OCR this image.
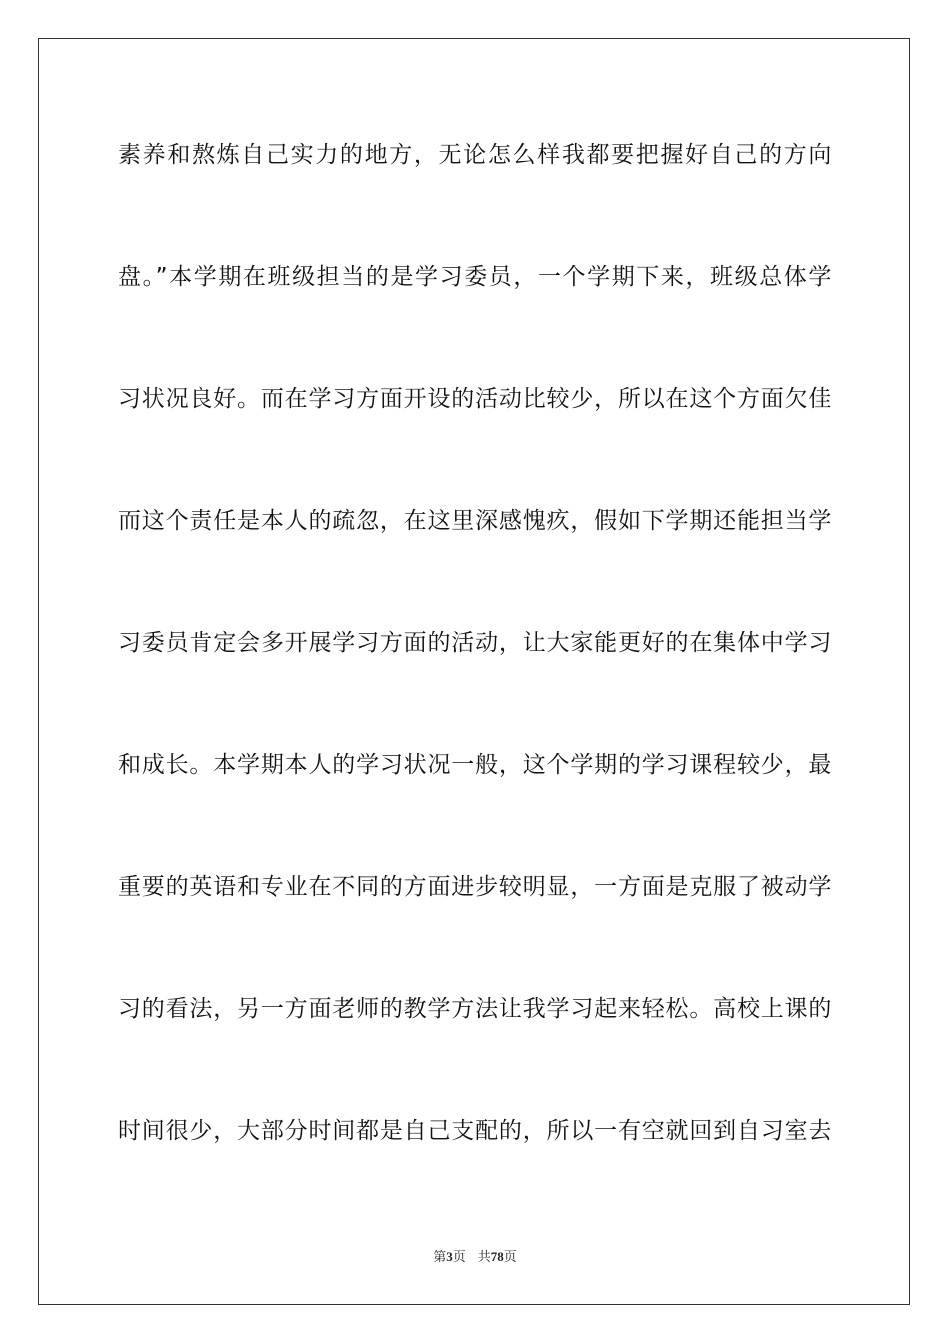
素养和熬炼自己实力的地方，无论怎么样我都要把握好自己的方向
盘。”本学期在班级担当的是学习委员，一个学期下来，班级总体学
习状况良好。而在学习方面开设的活动比较少，所以在这个方面欠佳
而这个责任是本人的疏忽，在这里深感愧疚，假如下学期还能担当学
习委员肯定会多开展学习方面的活动，让大家能更好的在集体中学习
和成长。本学期本人的学习状况一般，这个学期的学习课程较少，最
重要的英语和专业在不同的方面进步较明显，一方面是克服了被动学
习的看法，另一方面老师的教学方法让我学习起来轻松。高校上课的
时间很少，大部分时间都是自己支配的，所以一有空就回到自习室去
第3页 共78页
